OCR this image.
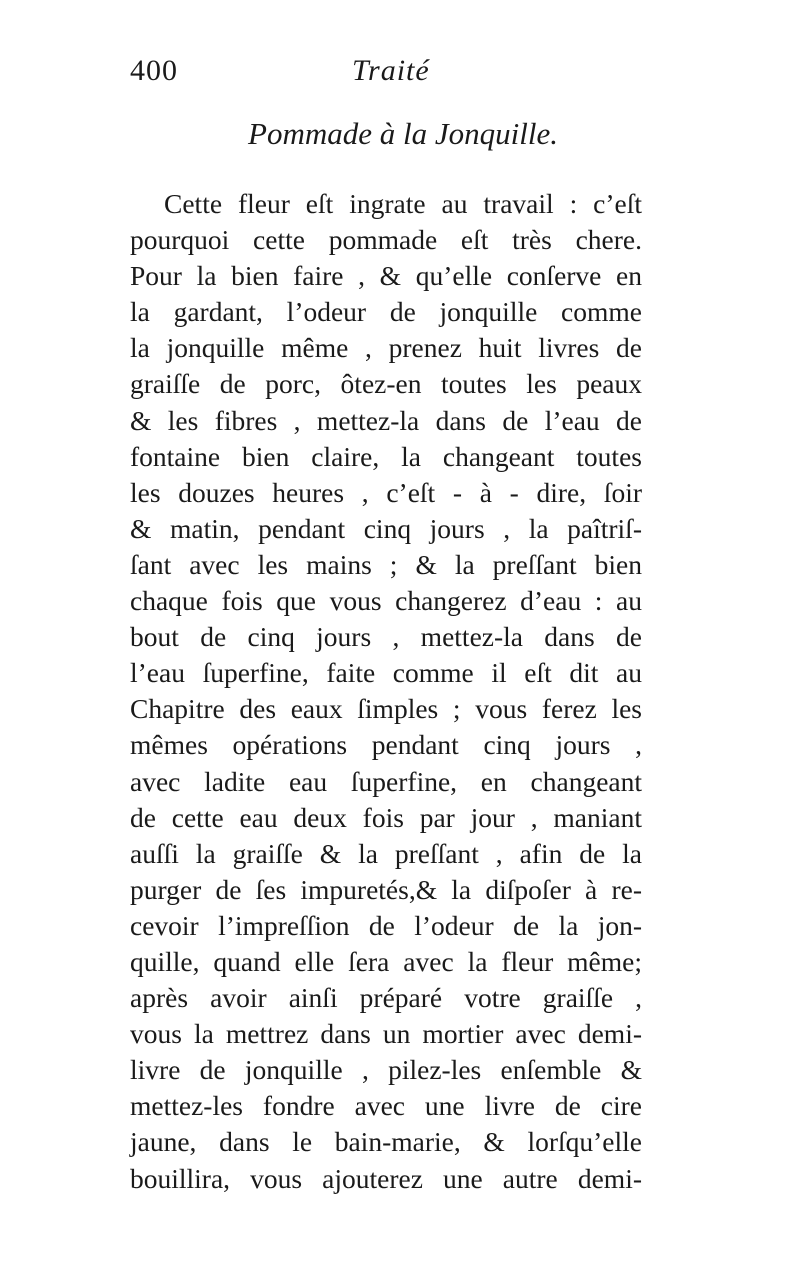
400	Traité
Pommade à la Jonquille.
Cette fleur eſt ingrate au travail : c’eſt
pourquoi cette pommade eſt très chere.
Pour la bien faire , & qu’elle conſerve en
la gardant, l’odeur de jonquille comme
la jonquille même , prenez huit livres de
graiſſe de porc, ôtez-en toutes les peaux
& les fibres , mettez-la dans de l’eau de
fontaine bien claire, la changeant toutes
les douzes heures , c’eſt - à - dire, ſoir
& matin, pendant cinq jours , la paîtriſ-
ſant avec les mains ; & la preſſant bien
chaque fois que vous changerez d’eau : au
bout de cinq jours , mettez-la dans de
l’eau ſuperfine, faite comme il eſt dit au
Chapitre des eaux ſimples ; vous ferez les
mêmes opérations pendant cinq jours ,
avec ladite eau ſuperfine, en changeant
de cette eau deux fois par jour , maniant
auſſi la graiſſe & la preſſant , afin de la
purger de ſes impuretés,& la diſpoſer à re-
cevoir l’impreſſion de l’odeur de la jon-
quille, quand elle ſera avec la fleur même;
après avoir ainſi préparé votre graiſſe ,
vous la mettrez dans un mortier avec demi-
livre de jonquille , pilez-les enſemble &
mettez-les fondre avec une livre de cire
jaune, dans le bain-marie, & lorſqu’elle
bouillira, vous ajouterez une autre demi-
